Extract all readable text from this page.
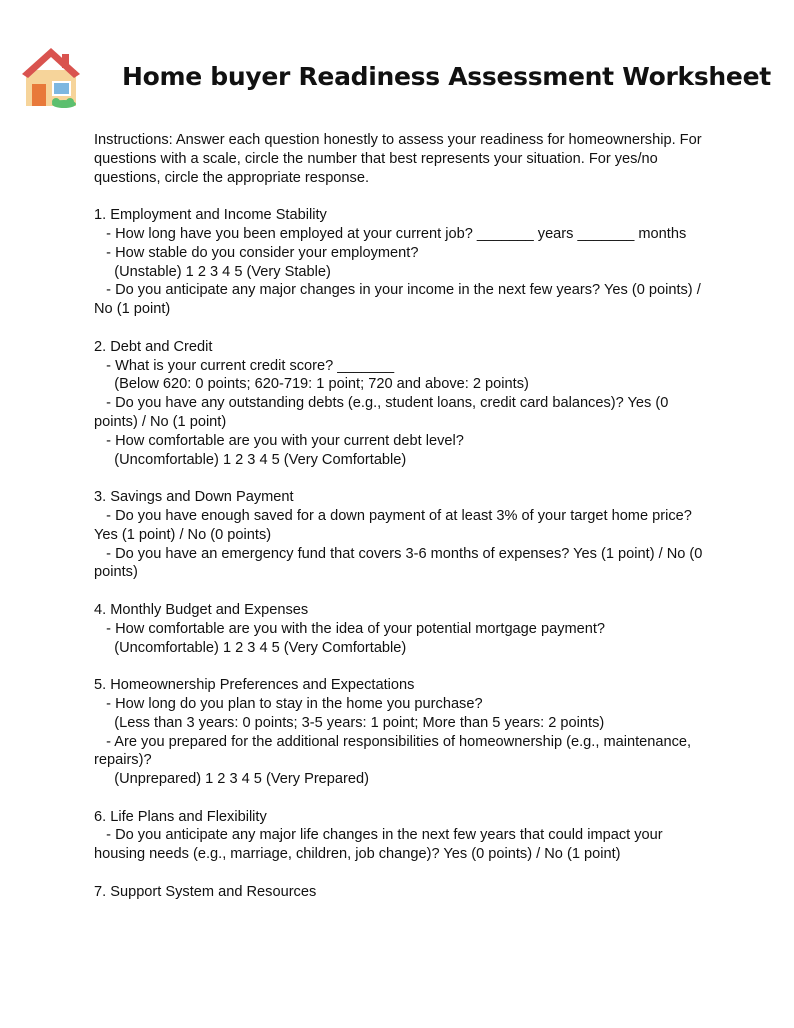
Home buyer Readiness Assessment Worksheet
Instructions: Answer each question honestly to assess your readiness for homeownership. For
questions with a scale, circle the number that best represents your situation. For yes/no
questions, circle the appropriate response.
1. Employment and Income Stability
- How long have you been employed at your current job? _______ years _______ months
- How stable do you consider your employment?
(Unstable) 1 2 3 4 5 (Very Stable)
- Do you anticipate any major changes in your income in the next few years? Yes (0 points) /
No (1 point)
2. Debt and Credit
- What is your current credit score? _______
(Below 620: 0 points; 620-719: 1 point; 720 and above: 2 points)
- Do you have any outstanding debts (e.g., student loans, credit card balances)? Yes (0
points) / No (1 point)
- How comfortable are you with your current debt level?
(Uncomfortable) 1 2 3 4 5 (Very Comfortable)
3. Savings and Down Payment
- Do you have enough saved for a down payment of at least 3% of your target home price?
Yes (1 point) / No (0 points)
- Do you have an emergency fund that covers 3-6 months of expenses? Yes (1 point) / No (0
points)
4. Monthly Budget and Expenses
- How comfortable are you with the idea of your potential mortgage payment?
(Uncomfortable) 1 2 3 4 5 (Very Comfortable)
5. Homeownership Preferences and Expectations
- How long do you plan to stay in the home you purchase?
(Less than 3 years: 0 points; 3-5 years: 1 point; More than 5 years: 2 points)
- Are you prepared for the additional responsibilities of homeownership (e.g., maintenance,
repairs)?
(Unprepared) 1 2 3 4 5 (Very Prepared)
6. Life Plans and Flexibility
- Do you anticipate any major life changes in the next few years that could impact your
housing needs (e.g., marriage, children, job change)? Yes (0 points) / No (1 point)
7. Support System and Resources
